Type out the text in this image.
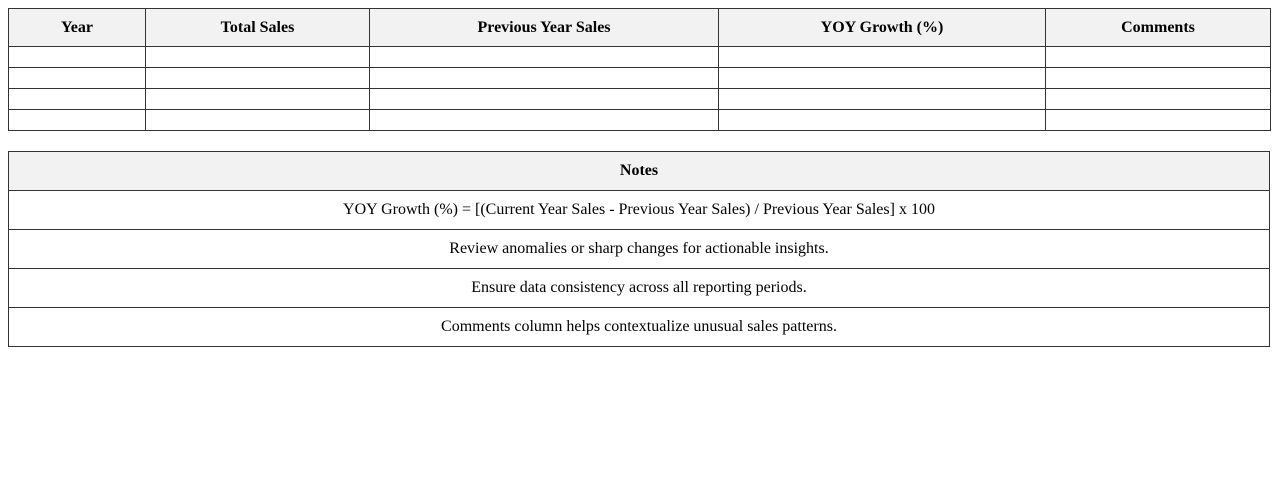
Year	Total Sales	Previous Year Sales	YOY Growth (%)	Comments

Notes
YOY Growth (%) = [(Current Year Sales - Previous Year Sales) / Previous Year Sales] x 100
Review anomalies or sharp changes for actionable insights.
Ensure data consistency across all reporting periods.
Comments column helps contextualize unusual sales patterns.
